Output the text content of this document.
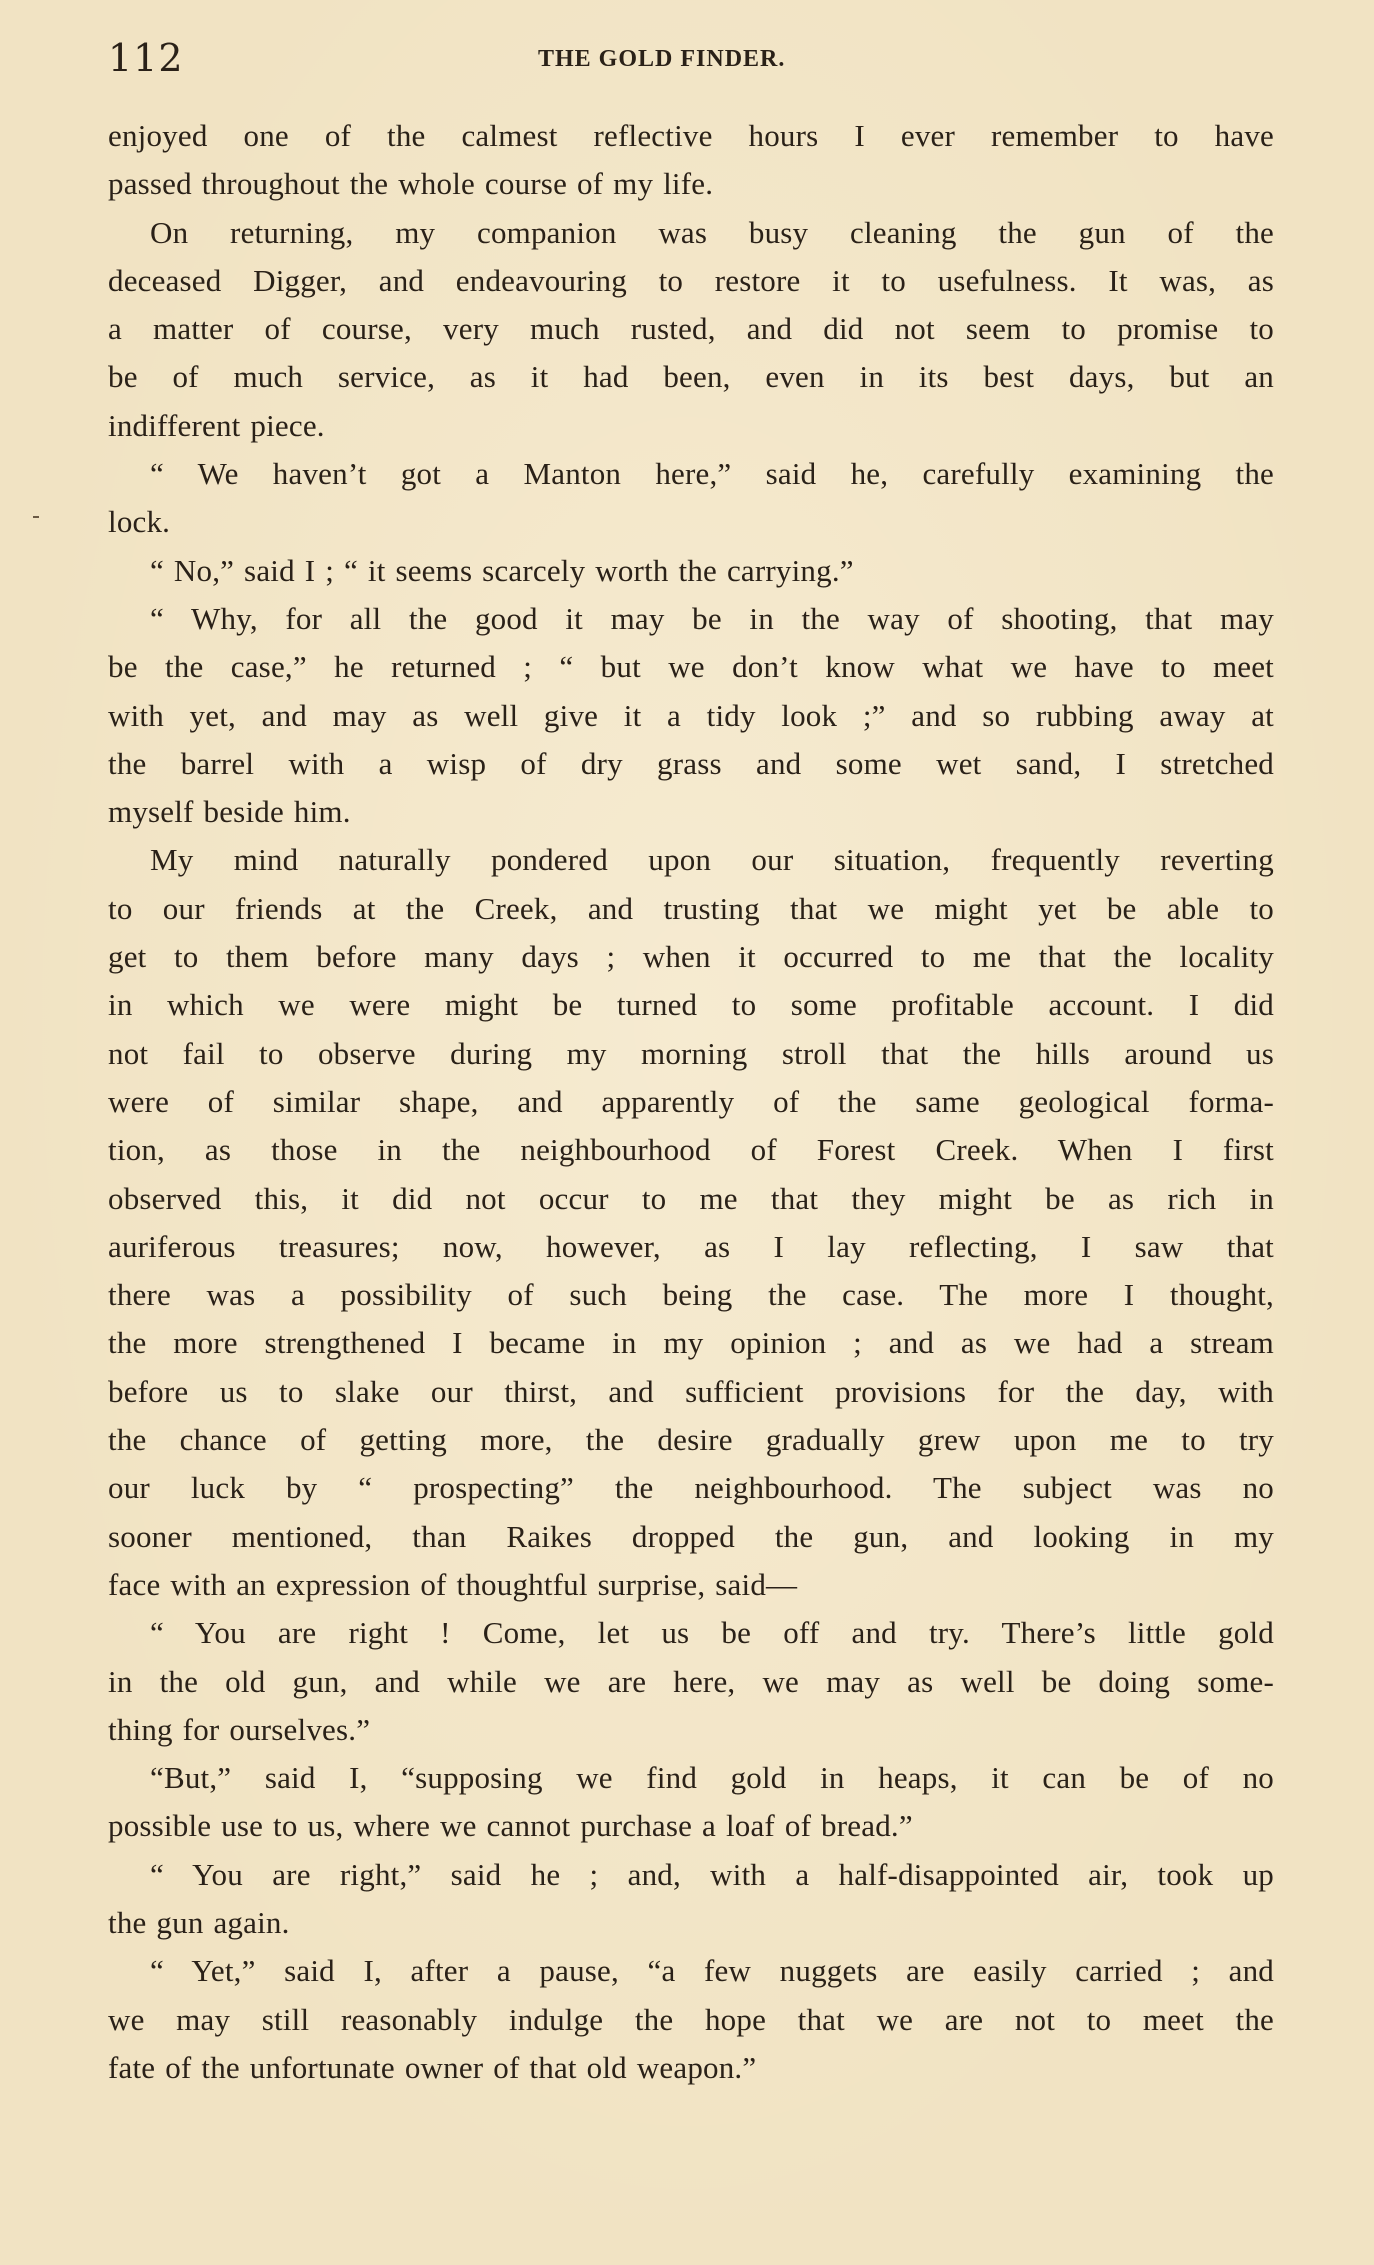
112	THE GOLD FINDER.
enjoyed one of the calmest reflective hours I ever remember to have
passed throughout the whole course of my life.
On returning, my companion was busy cleaning the gun of the
deceased Digger, and endeavouring to restore it to usefulness. It was, as
a matter of course, very much rusted, and did not seem to promise to
be of much service, as it had been, even in its best days, but an
indifferent piece.
“ We haven’t got a Manton here,” said he, carefully examining the
lock.
“ No,” said I ; “ it seems scarcely worth the carrying.”
“ Why, for all the good it may be in the way of shooting, that may
be the case,” he returned ; “ but we don’t know what we have to meet
with yet, and may as well give it a tidy look ;” and so rubbing away at
the barrel with a wisp of dry grass and some wet sand, I stretched
myself beside him.
My mind naturally pondered upon our situation, frequently reverting
to our friends at the Creek, and trusting that we might yet be able to
get to them before many days ; when it occurred to me that the locality
in which we were might be turned to some profitable account. I did
not fail to observe during my morning stroll that the hills around us
were of similar shape, and apparently of the same geological forma-
tion, as those in the neighbourhood of Forest Creek. When I first
observed this, it did not occur to me that they might be as rich in
auriferous treasures; now, however, as I lay reflecting, I saw that
there was a possibility of such being the case. The more I thought,
the more strengthened I became in my opinion ; and as we had a stream
before us to slake our thirst, and sufficient provisions for the day, with
the chance of getting more, the desire gradually grew upon me to try
our luck by “ prospecting” the neighbourhood. The subject was no
sooner mentioned, than Raikes dropped the gun, and looking in my
face with an expression of thoughtful surprise, said—
“ You are right ! Come, let us be off and try. There’s little gold
in the old gun, and while we are here, we may as well be doing some-
thing for ourselves.”
“But,” said I, “supposing we find gold in heaps, it can be of no
possible use to us, where we cannot purchase a loaf of bread.”
“ You are right,” said he ; and, with a half-disappointed air, took up
the gun again.
“ Yet,” said I, after a pause, “a few nuggets are easily carried ; and
we may still reasonably indulge the hope that we are not to meet the
fate of the unfortunate owner of that old weapon.”
